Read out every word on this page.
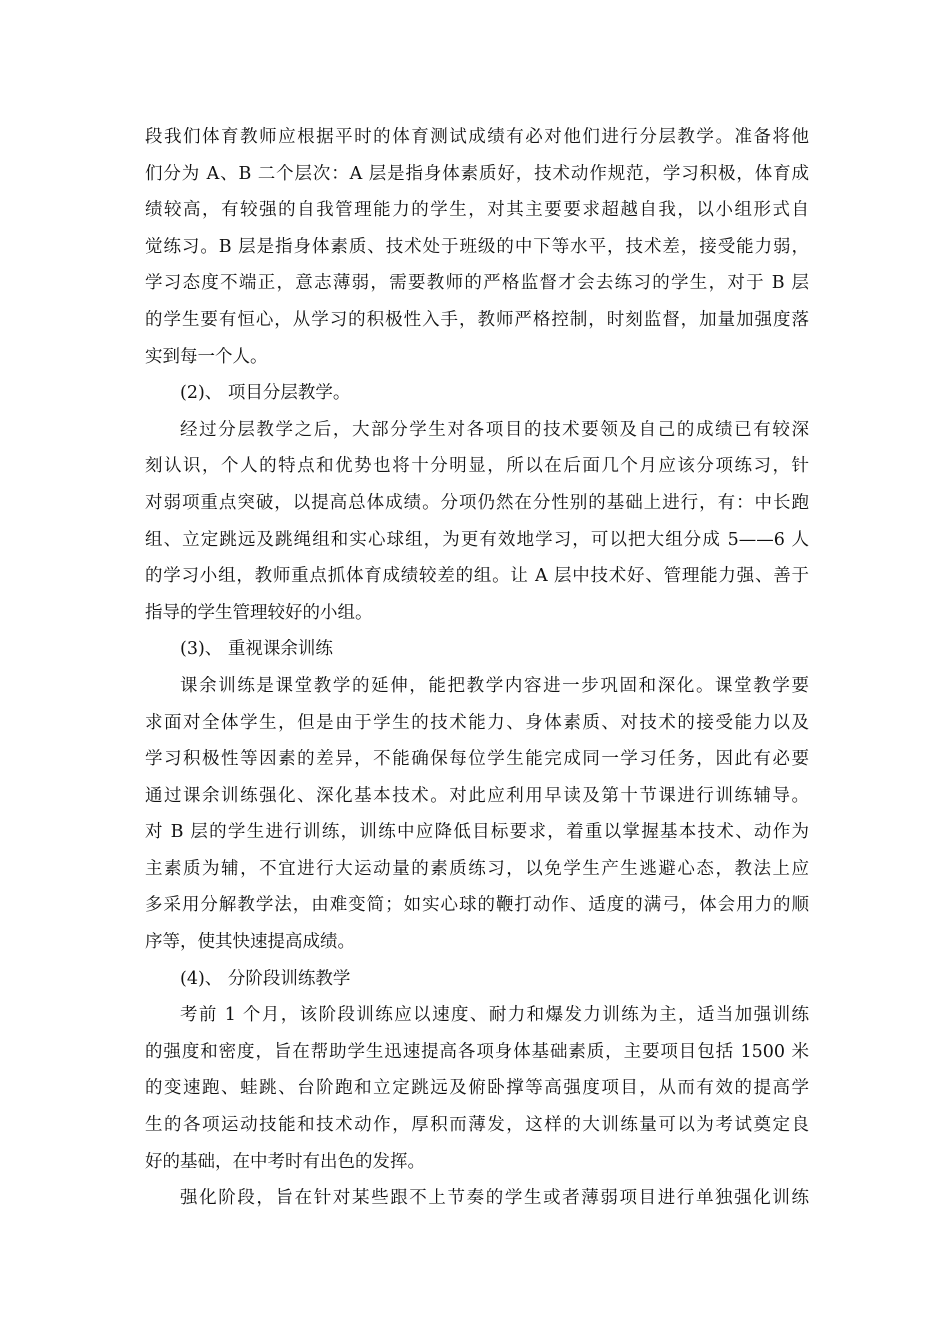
段我们体育教师应根据平时的体育测试成绩有必对他们进行分层教学。准备将他
们分为 A、B 二个层次：A 层是指身体素质好，技术动作规范，学习积极，体育成
绩较高，有较强的自我管理能力的学生，对其主要要求超越自我，以小组形式自
觉练习。B 层是指身体素质、技术处于班级的中下等水平，技术差，接受能力弱，
学习态度不端正，意志薄弱，需要教师的严格监督才会去练习的学生，对于 B 层
的学生要有恒心，从学习的积极性入手，教师严格控制，时刻监督，加量加强度落
实到每一个人。

(2)、 项目分层教学。

经过分层教学之后，大部分学生对各项目的技术要领及自己的成绩已有较深
刻认识，个人的特点和优势也将十分明显，所以在后面几个月应该分项练习，针
对弱项重点突破，以提高总体成绩。分项仍然在分性别的基础上进行，有：中长跑
组、立定跳远及跳绳组和实心球组，为更有效地学习，可以把大组分成 5——6 人
的学习小组，教师重点抓体育成绩较差的组。让 A 层中技术好、管理能力强、善于
指导的学生管理较好的小组。

(3)、 重视课余训练

课余训练是课堂教学的延伸，能把教学内容进一步巩固和深化。课堂教学要
求面对全体学生，但是由于学生的技术能力、身体素质、对技术的接受能力以及
学习积极性等因素的差异，不能确保每位学生能完成同一学习任务，因此有必要
通过课余训练强化、深化基本技术。对此应利用早读及第十节课进行训练辅导。
对 B 层的学生进行训练，训练中应降低目标要求，着重以掌握基本技术、动作为
主素质为辅，不宜进行大运动量的素质练习，以免学生产生逃避心态，教法上应
多采用分解教学法，由难变简；如实心球的鞭打动作、适度的满弓，体会用力的顺
序等，使其快速提高成绩。

(4)、 分阶段训练教学

考前 1 个月，该阶段训练应以速度、耐力和爆发力训练为主，适当加强训练
的强度和密度，旨在帮助学生迅速提高各项身体基础素质，主要项目包括 1500 米
的变速跑、蛙跳、台阶跑和立定跳远及俯卧撑等高强度项目，从而有效的提高学
生的各项运动技能和技术动作，厚积而薄发，这样的大训练量可以为考试奠定良
好的基础，在中考时有出色的发挥。

强化阶段，旨在针对某些跟不上节奏的学生或者薄弱项目进行单独强化训练
